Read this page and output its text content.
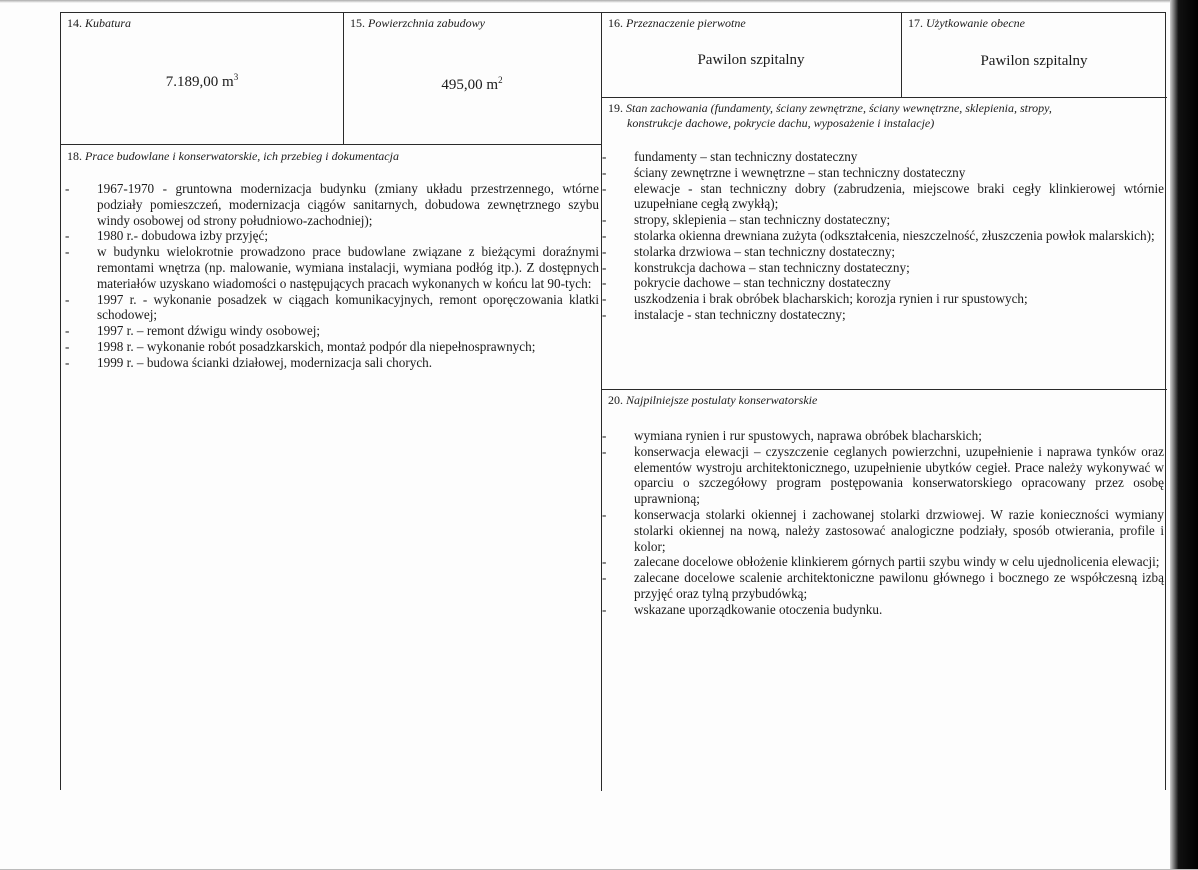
14. Kubatura
7.189,00 $m^3$
15. Powierzchnia zabudowy
495,00 $m^2$
16. Przeznaczenie pierwotne
Pawilon szpitalny
17. Użytkowanie obecne
Pawilon szpitalny
19. Stan zachowania (fundamenty, ściany zewnętrzne, ściany wewnętrzne, sklepienia, stropy,
konstrukcje dachowe, pokrycie dachu, wyposażenie i instalacje)
18. Prace budowlane i konserwatorskie, ich przebieg i dokumentacja
20. Najpilniejsze postulaty konserwatorskie
- 1967-1970 - gruntowna modernizacja budynku (zmiany układu przestrzennego, wtórne podziały pomieszczeń, modernizacja ciągów sanitarnych, dobudowa zewnętrznego szybu windy osobowej od strony południowo-zachodniej);
- 1980 r.- dobudowa izby przyjęć;
- w budynku wielokrotnie prowadzono prace budowlane związane z bieżącymi doraźnymi remontami wnętrza (np. malowanie, wymiana instalacji, wymiana podłóg itp.). Z dostępnych materiałów uzyskano wiadomości o następujących pracach wykonanych w końcu lat 90-tych:
- 1997 r. - wykonanie posadzek w ciągach komunikacyjnych, remont oporęczowania klatki schodowej;
- 1997 r. – remont dźwigu windy osobowej;
- 1998 r. – wykonanie robót posadzkarskich, montaż podpór dla niepełnosprawnych;
- 1999 r. – budowa ścianki działowej, modernizacja sali chorych.
- fundamenty – stan techniczny dostateczny
- ściany zewnętrzne i wewnętrzne – stan techniczny dostateczny
- elewacje - stan techniczny dobry (zabrudzenia, miejscowe braki cegły klinkierowej wtórnie uzupełniane cegłą zwykłą);
- stropy, sklepienia – stan techniczny dostateczny;
- stolarka okienna drewniana zużyta (odkształcenia, nieszczelność, złuszczenia powłok malarskich);
- stolarka drzwiowa – stan techniczny dostateczny;
- konstrukcja dachowa – stan techniczny dostateczny;
- pokrycie dachowe – stan techniczny dostateczny
- uszkodzenia i brak obróbek blacharskich; korozja rynien i rur spustowych;
- instalacje - stan techniczny dostateczny;
- wymiana rynien i rur spustowych, naprawa obróbek blacharskich;
- konserwacja elewacji – czyszczenie ceglanych powierzchni, uzupełnienie i naprawa tynków oraz elementów wystroju architektonicznego, uzupełnienie ubytków cegieł. Prace należy wykonywać w oparciu o szczegółowy program postępowania konserwatorskiego opracowany przez osobę uprawnioną;
- konserwacja stolarki okiennej i zachowanej stolarki drzwiowej. W razie konieczności wymiany stolarki okiennej na nową, należy zastosować analogiczne podziały, sposób otwierania, profile i kolor;
- zalecane docelowe obłożenie klinkierem górnych partii szybu windy w celu ujednolicenia elewacji;
- zalecane docelowe scalenie architektoniczne pawilonu głównego i bocznego ze współczesną izbą przyjęć oraz tylną przybudówką;
- wskazane uporządkowanie otoczenia budynku.
